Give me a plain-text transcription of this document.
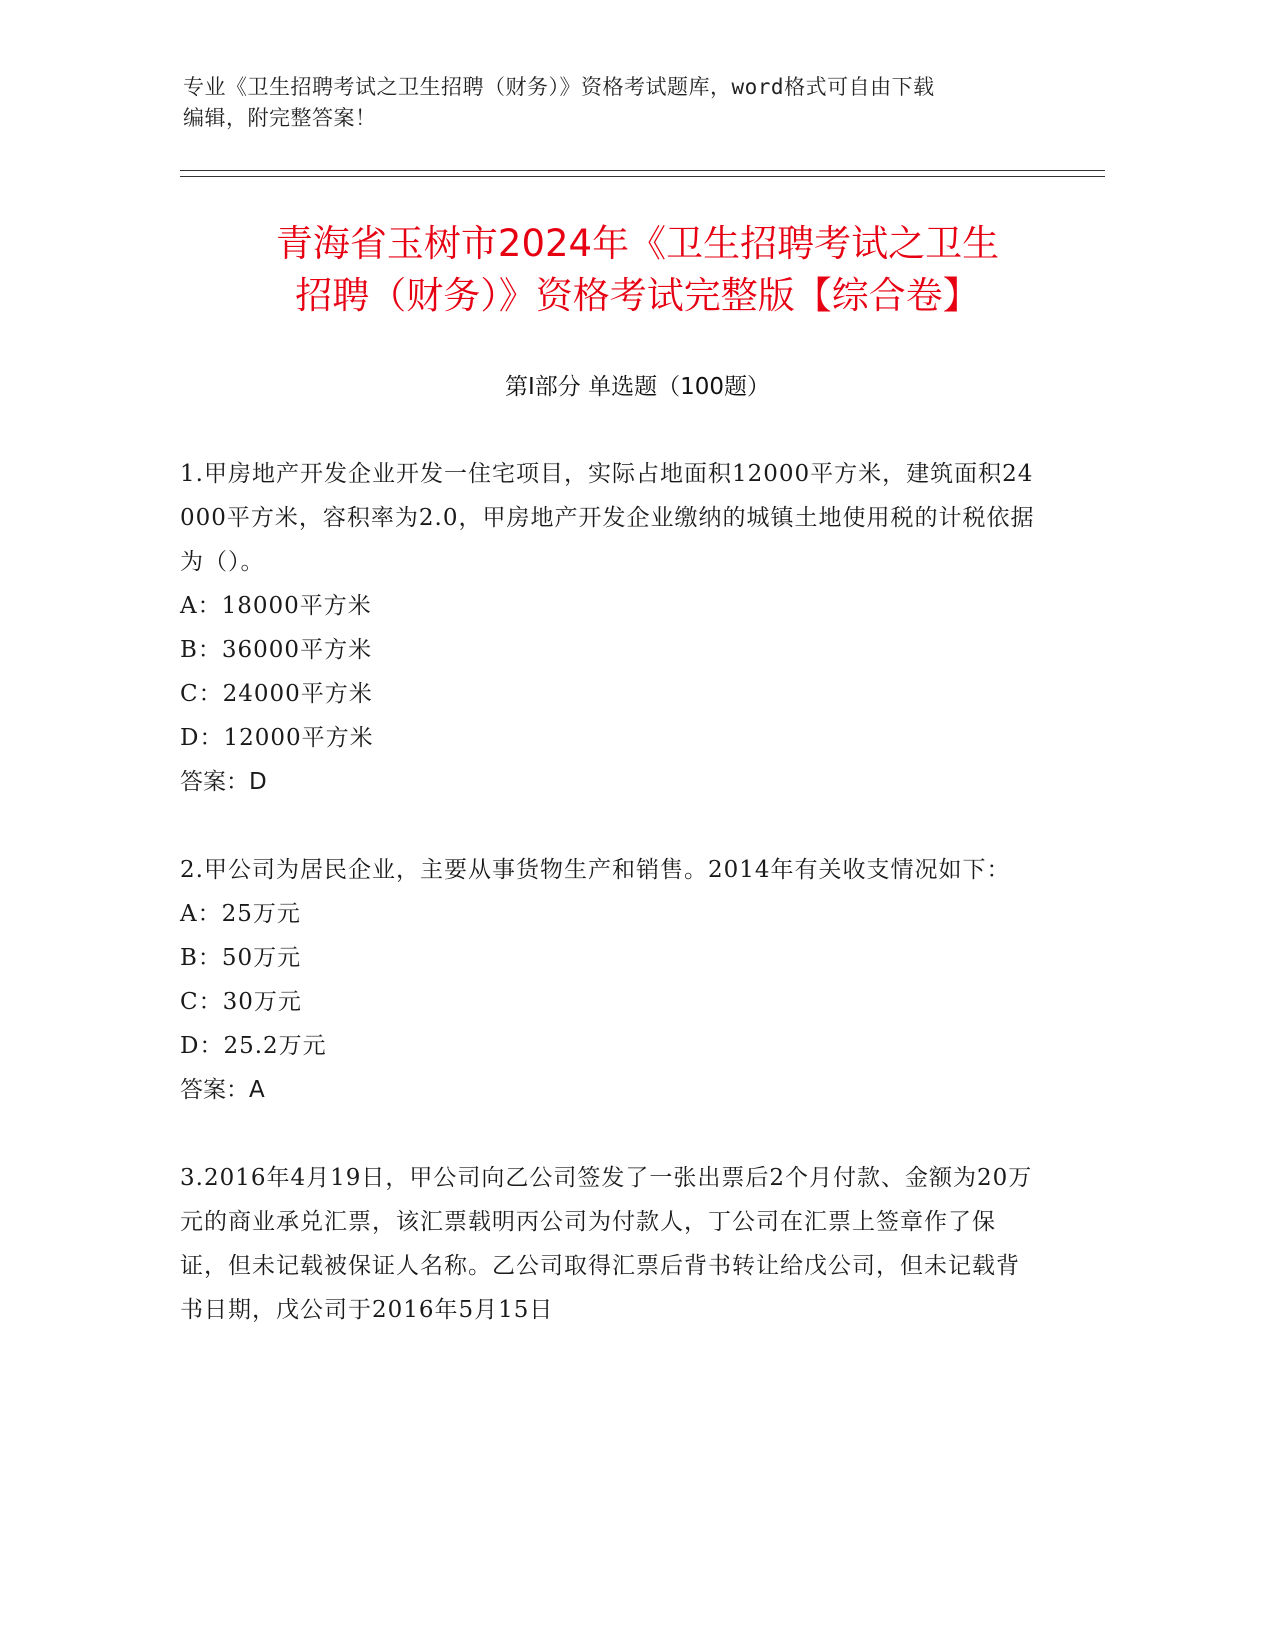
专业《卫生招聘考试之卫生招聘（财务）》资格考试题库，word格式可自由下载
编辑，附完整答案！
青海省玉树市2024年《卫生招聘考试之卫生
招聘（财务）》资格考试完整版【综合卷】
第Ⅰ部分 单选题（100题）

1.甲房地产开发企业开发一住宅项目，实际占地面积12000平方米，建筑面积24000平方米，容积率为2.0，甲房地产开发企业缴纳的城镇土地使用税的计税依据为（）。

A：18000平方米

B：36000平方米

C：24000平方米

D：12000平方米

答案：D

2.甲公司为居民企业，主要从事货物生产和销售。2014年有关收支情况如下：

A：25万元

B：50万元

C：30万元

D：25.2万元

答案：A

3.2016年4月19日，甲公司向乙公司签发了一张出票后2个月付款、金额为20万元的商业承兑汇票，该汇票载明丙公司为付款人，丁公司在汇票上签章作了保证，但未记载被保证人名称。乙公司取得汇票后背书转让给戊公司，但未记载背书日期，戊公司于2016年5月15日
